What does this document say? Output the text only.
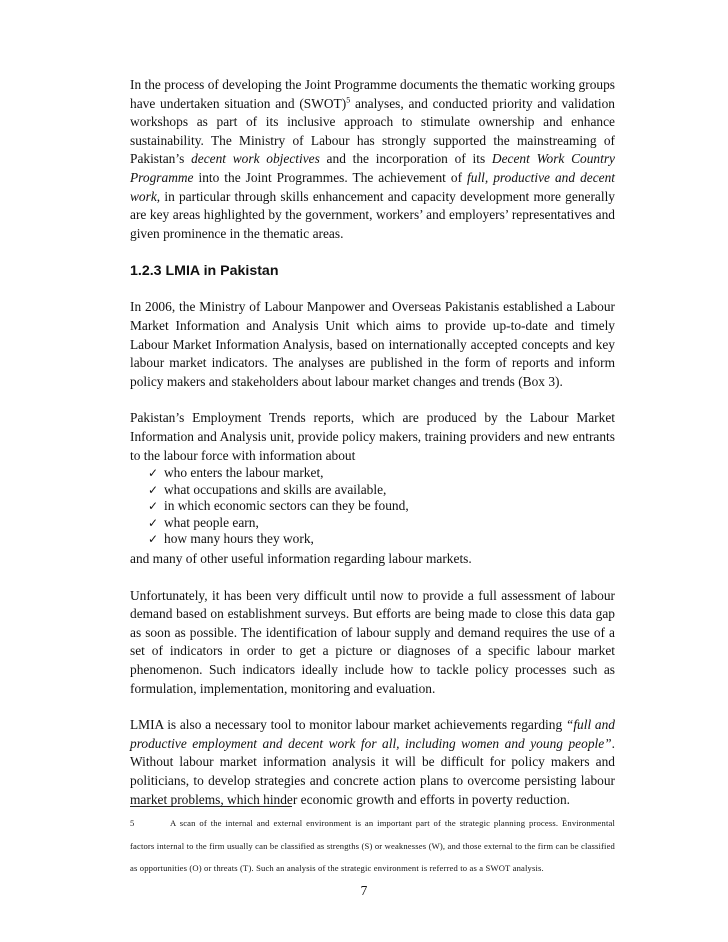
In the process of developing the Joint Programme documents the thematic working groups have undertaken situation and (SWOT)$^5$ analyses, and conducted priority and validation workshops as part of its inclusive approach to stimulate ownership and enhance sustainability. The Ministry of Labour has strongly supported the mainstreaming of Pakistan’s decent work objectives and the incorporation of its Decent Work Country Programme into the Joint Programmes. The achievement of full, productive and decent work, in particular through skills enhancement and capacity development more generally are key areas highlighted by the government, workers’ and employers’ representatives and given prominence in the thematic areas.

1.2.3 LMIA in Pakistan

In 2006, the Ministry of Labour Manpower and Overseas Pakistanis established a Labour Market Information and Analysis Unit which aims to provide up-to-date and timely Labour Market Information Analysis, based on internationally accepted concepts and key labour market indicators. The analyses are published in the form of reports and inform policy makers and stakeholders about labour market changes and trends (Box 3).

Pakistan’s Employment Trends reports, which are produced by the Labour Market Information and Analysis unit, provide policy makers, training providers and new entrants to the labour force with information about

✓ who enters the labour market,
✓ what occupations and skills are available,
✓ in which economic sectors can they be found,
✓ what people earn,
✓ how many hours they work,

and many of other useful information regarding labour markets.

Unfortunately, it has been very difficult until now to provide a full assessment of labour demand based on establishment surveys. But efforts are being made to close this data gap as soon as possible. The identification of labour supply and demand requires the use of a set of indicators in order to get a picture or diagnoses of a specific labour market phenomenon. Such indicators ideally include how to tackle policy processes such as formulation, implementation, monitoring and evaluation.

LMIA is also a necessary tool to monitor labour market achievements regarding “full and productive employment and decent work for all, including women and young people”. Without labour market information analysis it will be difficult for policy makers and politicians, to develop strategies and concrete action plans to overcome persisting labour market problems, which hinder economic growth and efforts in poverty reduction.

5	A scan of the internal and external environment is an important part of the strategic planning process. Environmental factors internal to the firm usually can be classified as strengths (S) or weaknesses (W), and those external to the firm can be classified as opportunities (O) or threats (T). Such an analysis of the strategic environment is referred to as a SWOT analysis.
7
